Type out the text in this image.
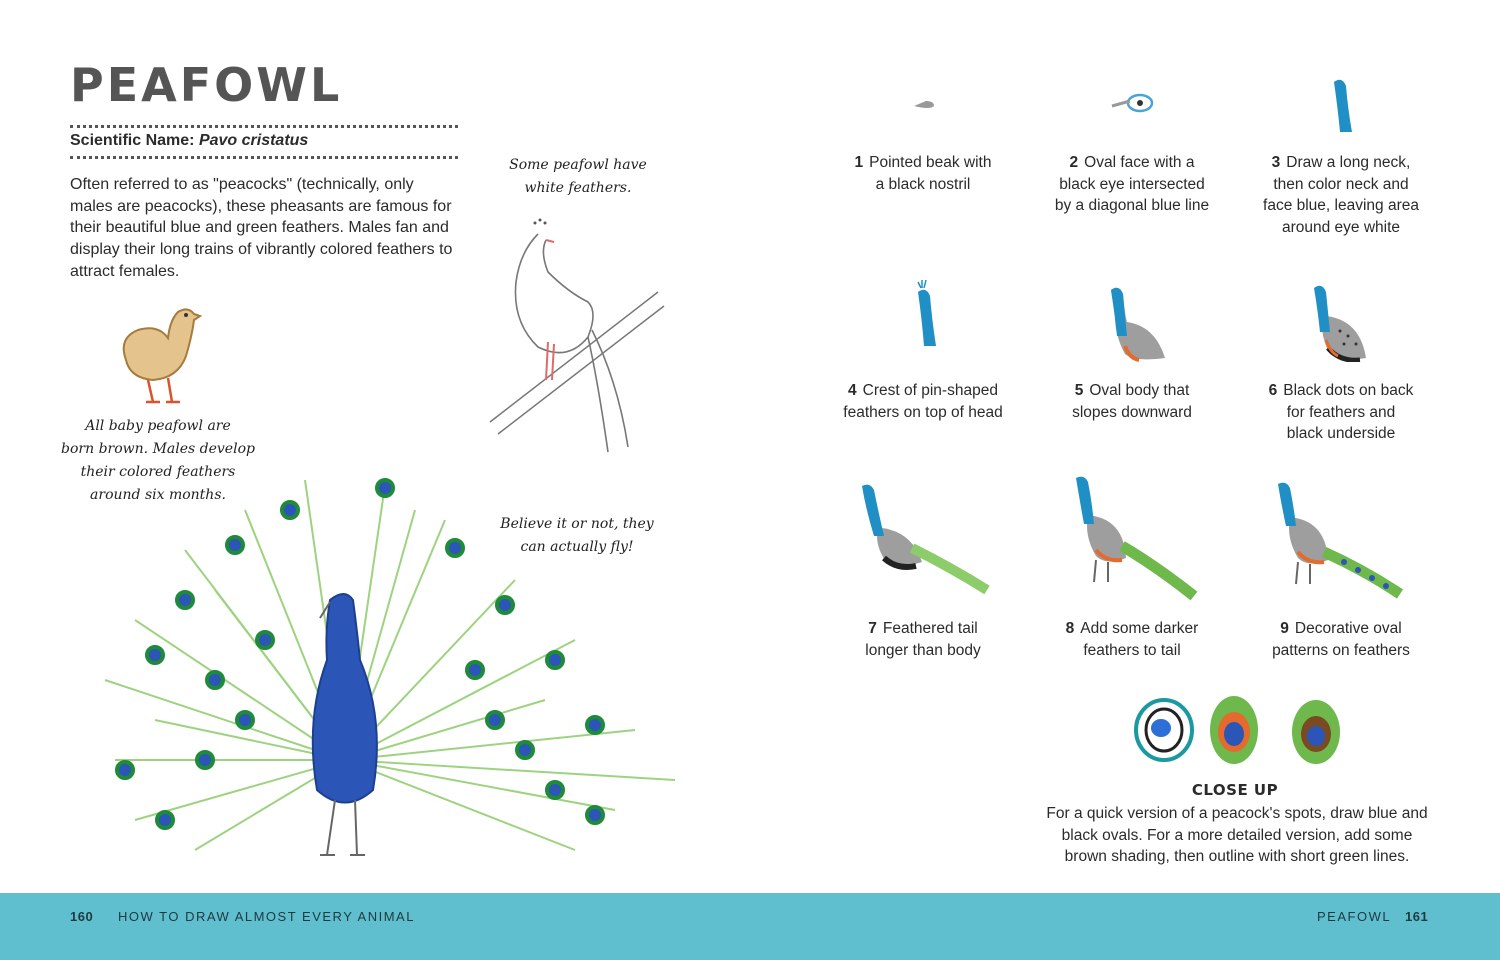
PEAFOWL
Scientific Name: Pavo cristatus
Often referred to as "peacocks" (technically, only males are peacocks), these pheasants are famous for their beautiful blue and green feathers. Males fan and display their long trains of vibrantly colored feathers to attract females.
All baby peafowl are
born brown. Males develop
their colored feathers
around six months.
Some peafowl have
white feathers.
Believe it or not, they
can actually fly!
1 Pointed beak with
a black nostril
2 Oval face with a
black eye intersected
by a diagonal blue line
3 Draw a long neck,
then color neck and
face blue, leaving area
around eye white
4 Crest of pin-shaped
feathers on top of head
5 Oval body that
slopes downward
6 Black dots on back
for feathers and
black underside
7 Feathered tail
longer than body
8 Add some darker
feathers to tail
9 Decorative oval
patterns on feathers
CLOSE UP
For a quick version of a peacock's spots, draw blue and
black ovals. For a more detailed version, add some
brown shading, then outline with short green lines.
160 HOW TO DRAW ALMOST EVERY ANIMAL	PEAFOWL 161
